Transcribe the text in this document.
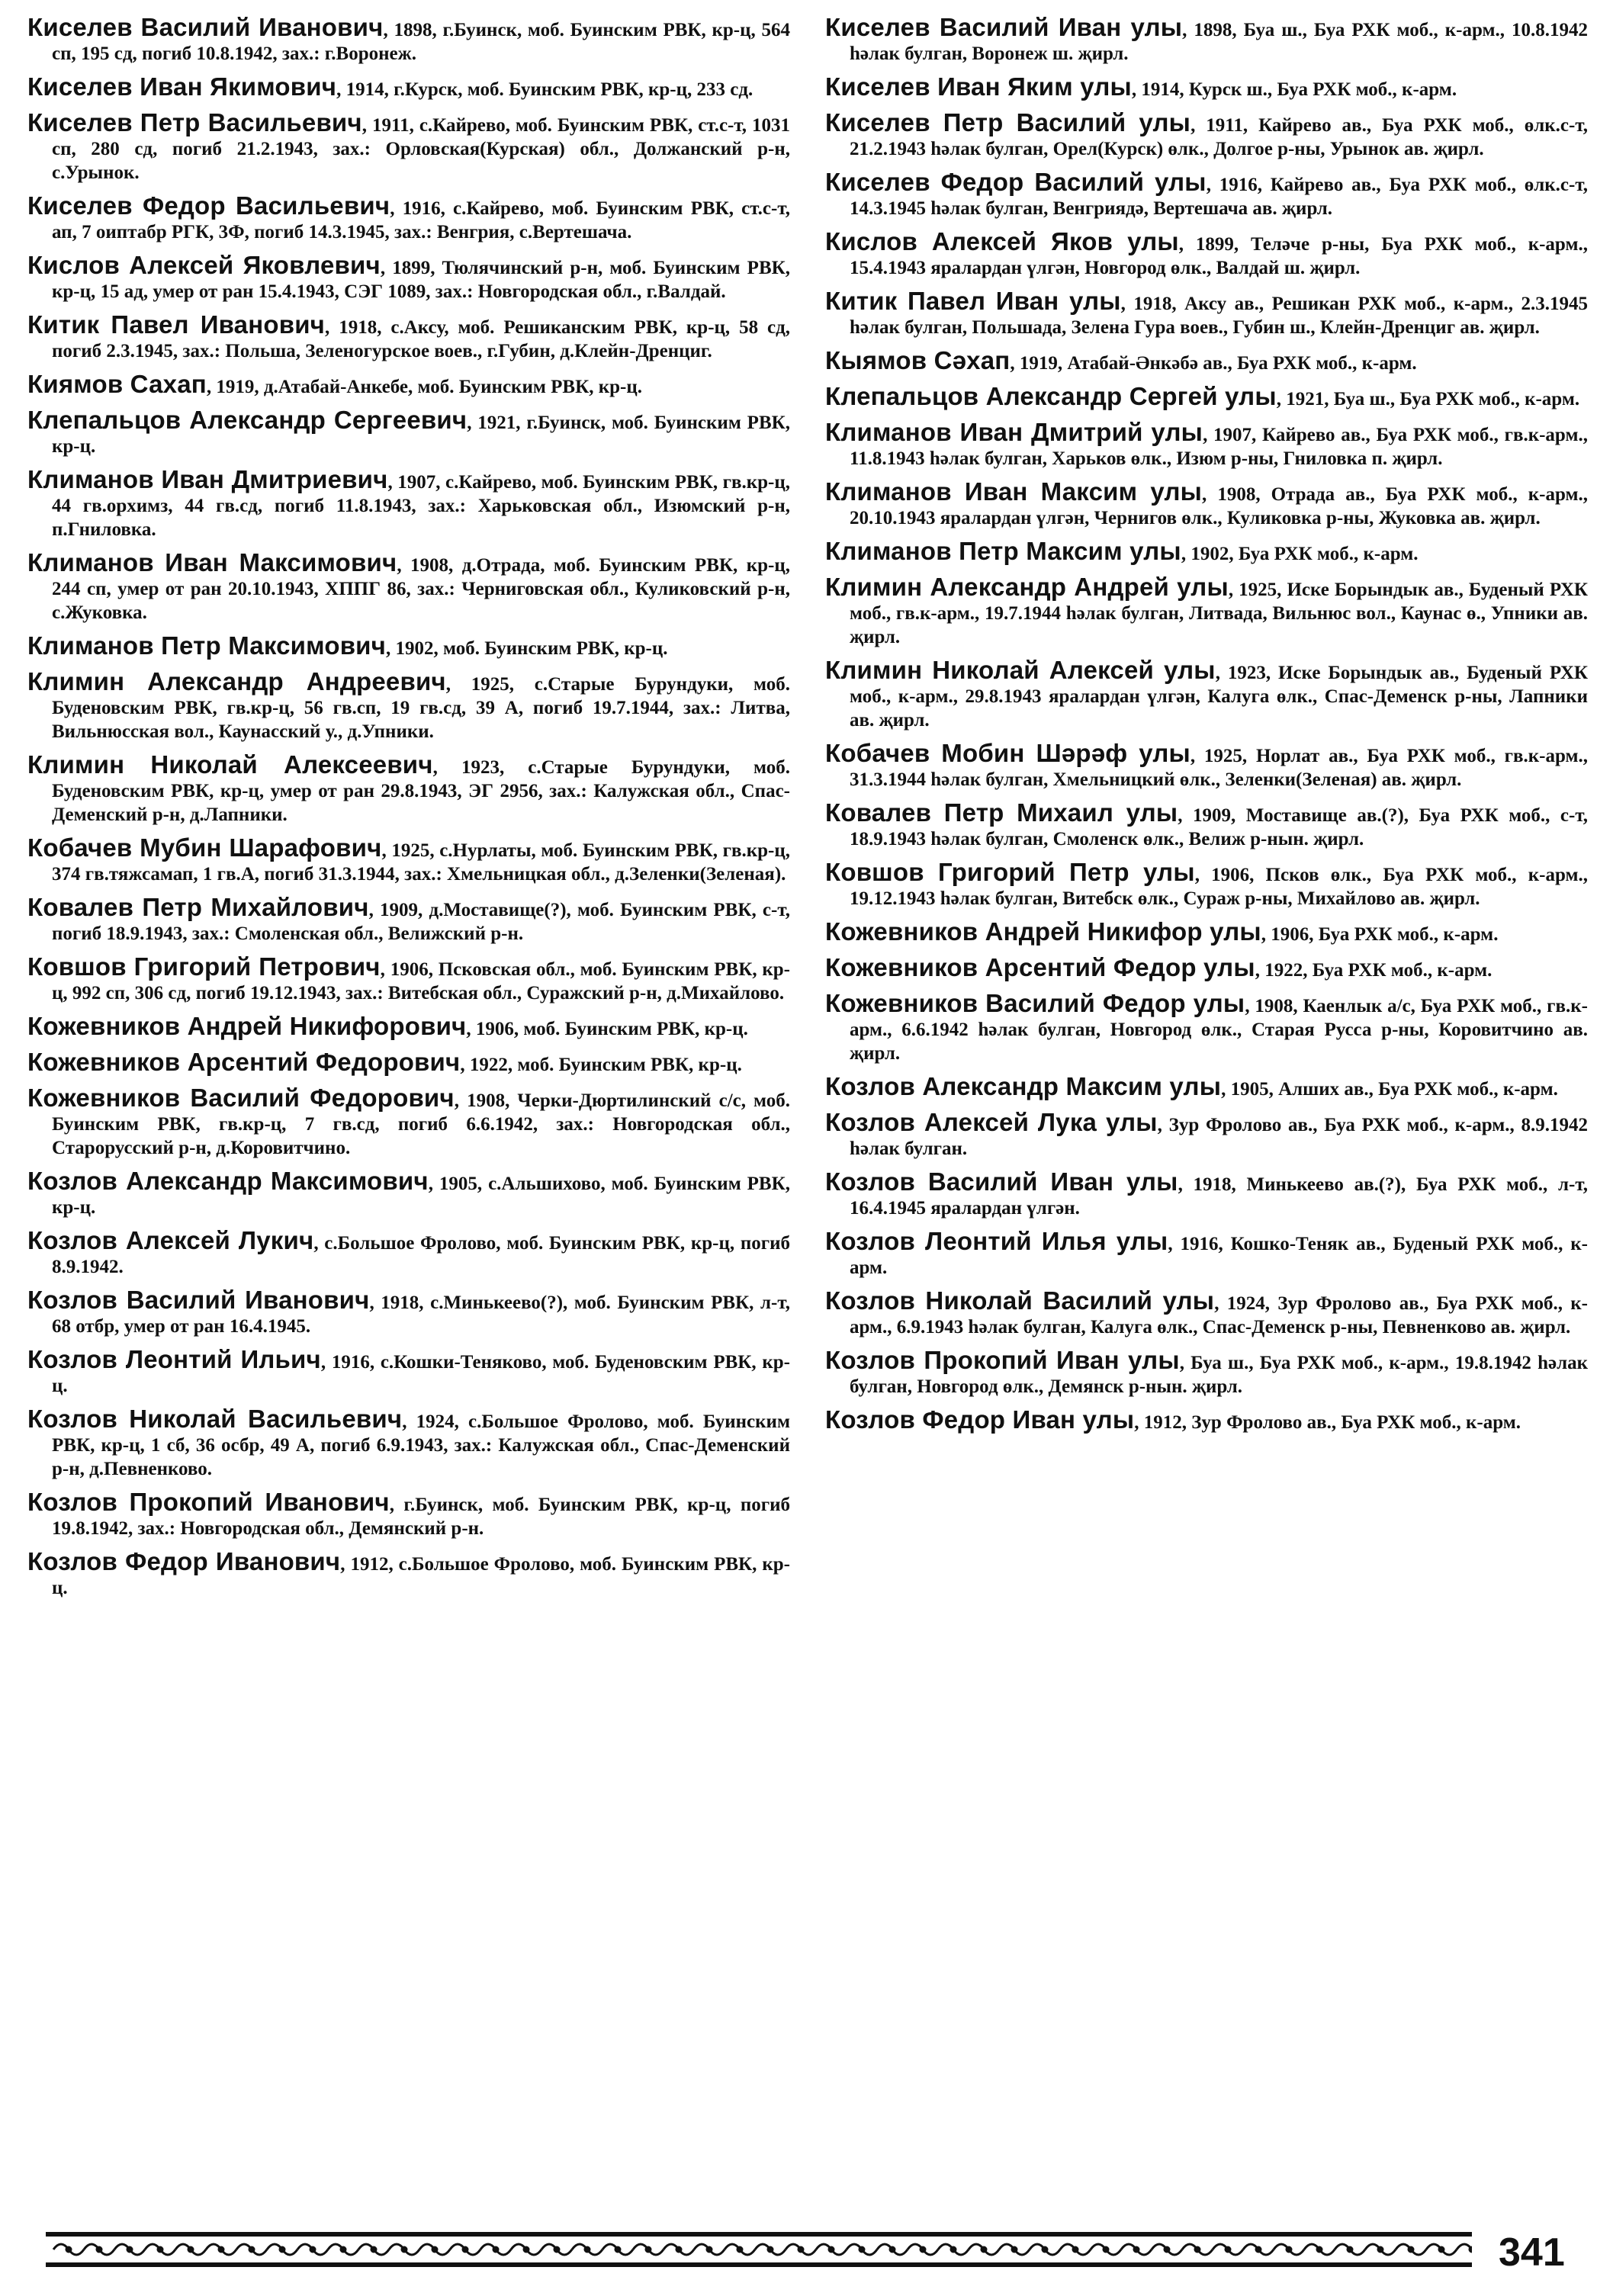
Киселев Василий Иванович, 1898, г.Буинск, моб. Буинским РВК, кр-ц, 564 сп, 195 сд, погиб 10.8.1942, зах.: г.Воронеж.

Киселев Иван Якимович, 1914, г.Курск, моб. Буинским РВК, кр-ц, 233 сд.

Киселев Петр Васильевич, 1911, с.Кайрево, моб. Буинским РВК, ст.с-т, 1031 сп, 280 сд, погиб 21.2.1943, зах.: Орловская(Курская) обл., Должанский р-н, с.Урынок.

Киселев Федор Васильевич, 1916, с.Кайрево, моб. Буинским РВК, ст.с-т, ап, 7 оиптабр РГК, 3Ф, погиб 14.3.1945, зах.: Венгрия, с.Вертешача.

Кислов Алексей Яковлевич, 1899, Тюлячинский р-н, моб. Буинским РВК, кр-ц, 15 ад, умер от ран 15.4.1943, СЭГ 1089, зах.: Новгородская обл., г.Валдай.

Китик Павел Иванович, 1918, с.Аксу, моб. Решиканским РВК, кр-ц, 58 сд, погиб 2.3.1945, зах.: Польша, Зеленогурское воев., г.Губин, д.Клейн-Дренциг.

Киямов Сахап, 1919, д.Атабай-Анкебе, моб. Буинским РВК, кр-ц.

Клепальцов Александр Сергеевич, 1921, г.Буинск, моб. Буинским РВК, кр-ц.

Климанов Иван Дмитриевич, 1907, с.Кайрево, моб. Буинским РВК, гв.кр-ц, 44 гв.орхимз, 44 гв.сд, погиб 11.8.1943, зах.: Харьковская обл., Изюмский р-н, п.Гниловка.

Климанов Иван Максимович, 1908, д.Отрада, моб. Буинским РВК, кр-ц, 244 сп, умер от ран 20.10.1943, ХППГ 86, зах.: Черниговская обл., Куликовский р-н, с.Жуковка.

Климанов Петр Максимович, 1902, моб. Буинским РВК, кр-ц.

Климин Александр Андреевич, 1925, с.Старые Бурундуки, моб. Буденовским РВК, гв.кр-ц, 56 гв.сп, 19 гв.сд, 39 А, погиб 19.7.1944, зах.: Литва, Вильнюсская вол., Каунасский у., д.Упники.

Климин Николай Алексеевич, 1923, с.Старые Бурундуки, моб. Буденовским РВК, кр-ц, умер от ран 29.8.1943, ЭГ 2956, зах.: Калужская обл., Спас-Деменский р-н, д.Лапники.

Кобачев Мубин Шарафович, 1925, с.Нурлаты, моб. Буинским РВК, гв.кр-ц, 374 гв.тяжсамап, 1 гв.А, погиб 31.3.1944, зах.: Хмельницкая обл., д.Зеленки(Зеленая).

Ковалев Петр Михайлович, 1909, д.Моставище(?), моб. Буинским РВК, с-т, погиб 18.9.1943, зах.: Смоленская обл., Велижский р-н.

Ковшов Григорий Петрович, 1906, Псковская обл., моб. Буинским РВК, кр-ц, 992 сп, 306 сд, погиб 19.12.1943, зах.: Витебская обл., Суражский р-н, д.Михайлово.

Кожевников Андрей Никифорович, 1906, моб. Буинским РВК, кр-ц.

Кожевников Арсентий Федорович, 1922, моб. Буинским РВК, кр-ц.

Кожевников Василий Федорович, 1908, Черки-Дюртилинский с/с, моб. Буинским РВК, гв.кр-ц, 7 гв.сд, погиб 6.6.1942, зах.: Новгородская обл., Старорусский р-н, д.Коровитчино.

Козлов Александр Максимович, 1905, с.Альшихово, моб. Буинским РВК, кр-ц.

Козлов Алексей Лукич, с.Большое Фролово, моб. Буинским РВК, кр-ц, погиб 8.9.1942.

Козлов Василий Иванович, 1918, с.Минькеево(?), моб. Буинским РВК, л-т, 68 отбр, умер от ран 16.4.1945.

Козлов Леонтий Ильич, 1916, с.Кошки-Теняково, моб. Буденовским РВК, кр-ц.

Козлов Николай Васильевич, 1924, с.Большое Фролово, моб. Буинским РВК, кр-ц, 1 сб, 36 осбр, 49 А, погиб 6.9.1943, зах.: Калужская обл., Спас-Деменский р-н, д.Певненково.

Козлов Прокопий Иванович, г.Буинск, моб. Буинским РВК, кр-ц, погиб 19.8.1942, зах.: Новгородская обл., Демянский р-н.

Козлов Федор Иванович, 1912, с.Большое Фролово, моб. Буинским РВК, кр-ц.

Киселев Василий Иван улы, 1898, Буа ш., Буа РХК моб., к-арм., 10.8.1942 һәлак булган, Воронеж ш. җирл.

Киселев Иван Яким улы, 1914, Курск ш., Буа РХК моб., к-арм.

Киселев Петр Василий улы, 1911, Кайрево ав., Буа РХК моб., өлк.с-т, 21.2.1943 һәлак булган, Орел(Курск) өлк., Долгое р-ны, Урынок ав. җирл.

Киселев Федор Василий улы, 1916, Кайрево ав., Буа РХК моб., өлк.с-т, 14.3.1945 һәлак булган, Венгриядә, Вертешача ав. җирл.

Кислов Алексей Яков улы, 1899, Теләче р-ны, Буа РХК моб., к-арм., 15.4.1943 яралардан үлгән, Новгород өлк., Валдай ш. җирл.

Китик Павел Иван улы, 1918, Аксу ав., Решикан РХК моб., к-арм., 2.3.1945 һәлак булган, Польшада, Зелена Гура воев., Губин ш., Клейн-Дренциг ав. җирл.

Кыямов Сәхап, 1919, Атабай-Әнкәбә ав., Буа РХК моб., к-арм.

Клепальцов Александр Сергей улы, 1921, Буа ш., Буа РХК моб., к-арм.

Климанов Иван Дмитрий улы, 1907, Кайрево ав., Буа РХК моб., гв.к-арм., 11.8.1943 һәлак булган, Харьков өлк., Изюм р-ны, Гниловка п. җирл.

Климанов Иван Максим улы, 1908, Отрада ав., Буа РХК моб., к-арм., 20.10.1943 яралардан үлгән, Чернигов өлк., Куликовка р-ны, Жуковка ав. җирл.

Климанов Петр Максим улы, 1902, Буа РХК моб., к-арм.

Климин Александр Андрей улы, 1925, Иске Борындык ав., Буденый РХК моб., гв.к-арм., 19.7.1944 һәлак булган, Литвада, Вильнюс вол., Каунас ө., Упники ав. җирл.

Климин Николай Алексей улы, 1923, Иске Борындык ав., Буденый РХК моб., к-арм., 29.8.1943 яралардан үлгән, Калуга өлк., Спас-Деменск р-ны, Лапники ав. җирл.

Кобачев Мобин Шәрәф улы, 1925, Норлат ав., Буа РХК моб., гв.к-арм., 31.3.1944 һәлак булган, Хмельницкий өлк., Зеленки(Зеленая) ав. җирл.

Ковалев Петр Михаил улы, 1909, Моставище ав.(?), Буа РХК моб., с-т, 18.9.1943 һәлак булган, Смоленск өлк., Велиж р-нын. җирл.

Ковшов Григорий Петр улы, 1906, Псков өлк., Буа РХК моб., к-арм., 19.12.1943 һәлак булган, Витебск өлк., Сураж р-ны, Михайлово ав. җирл.

Кожевников Андрей Никифор улы, 1906, Буа РХК моб., к-арм.

Кожевников Арсентий Федор улы, 1922, Буа РХК моб., к-арм.

Кожевников Василий Федор улы, 1908, Каенлык а/с, Буа РХК моб., гв.к-арм., 6.6.1942 һәлак булган, Новгород өлк., Старая Русса р-ны, Коровитчино ав. җирл.

Козлов Александр Максим улы, 1905, Алших ав., Буа РХК моб., к-арм.

Козлов Алексей Лука улы, Зур Фролово ав., Буа РХК моб., к-арм., 8.9.1942 һәлак булган.

Козлов Василий Иван улы, 1918, Минькеево ав.(?), Буа РХК моб., л-т, 16.4.1945 яралардан үлгән.

Козлов Леонтий Илья улы, 1916, Кошко-Теняк ав., Буденый РХК моб., к-арм.

Козлов Николай Василий улы, 1924, Зур Фролово ав., Буа РХК моб., к-арм., 6.9.1943 һәлак булган, Калуга өлк., Спас-Деменск р-ны, Певненково ав. җирл.

Козлов Прокопий Иван улы, Буа ш., Буа РХК моб., к-арм., 19.8.1942 һәлак булган, Новгород өлк., Демянск р-нын. җирл.

Козлов Федор Иван улы, 1912, Зур Фролово ав., Буа РХК моб., к-арм.

341
